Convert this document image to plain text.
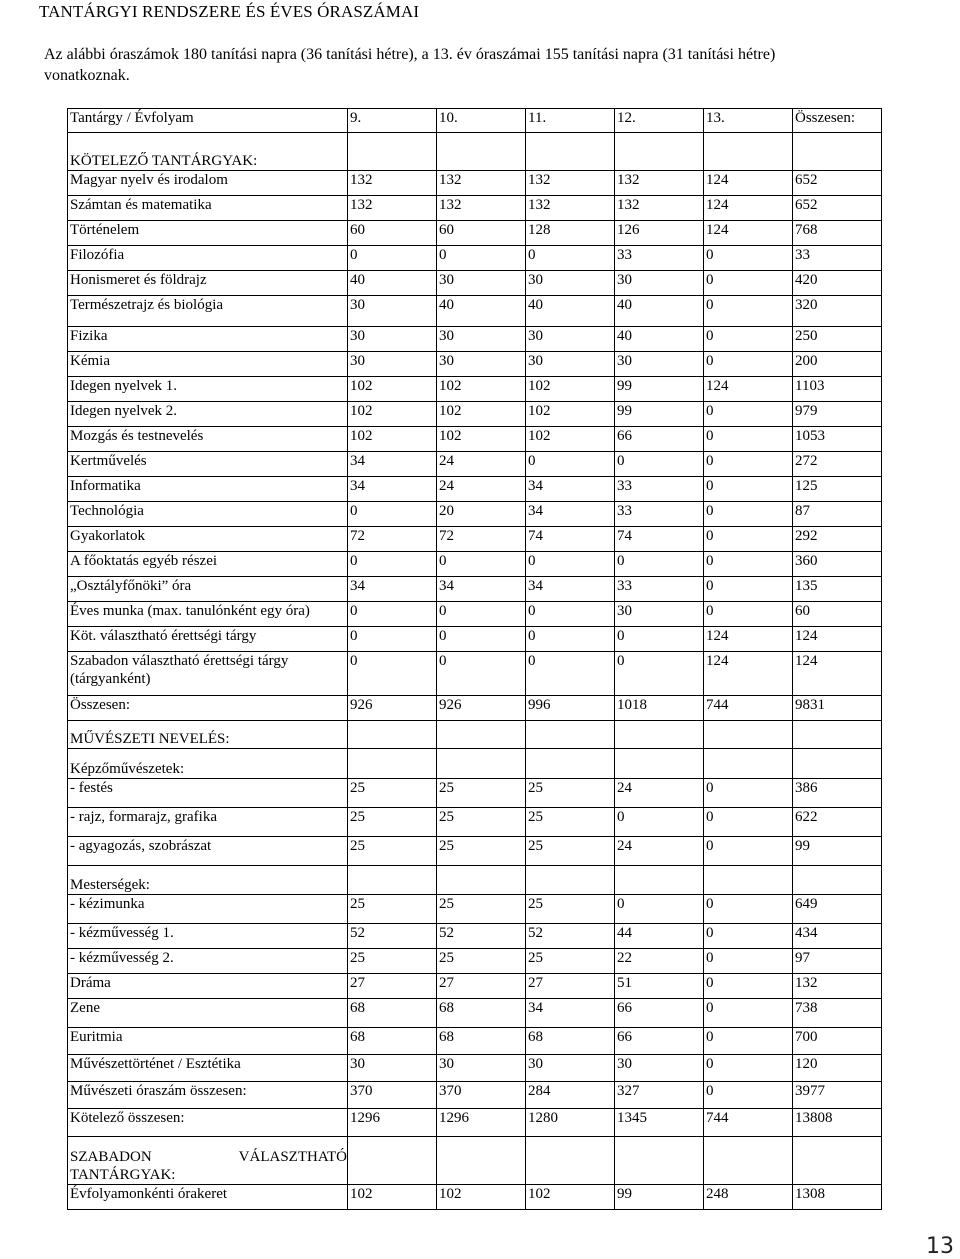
TANTÁRGYI RENDSZERE ÉS ÉVES ÓRASZÁMAI
Az alábbi óraszámok 180 tanítási napra (36 tanítási hétre), a 13. év óraszámai 155 tanítási napra (31 tanítási hétre)
vonatkoznak.
Tantárgy / Évfolyam	9.	10.	11.	12.	13.	Összesen:
KÖTELEZŐ TANTÁRGYAK:						
Magyar nyelv és irodalom	132	132	132	132	124	652
Számtan és matematika	132	132	132	132	124	652
Történelem	60	60	128	126	124	768
Filozófia	0	0	0	33	0	33
Honismeret és földrajz	40	30	30	30	0	420
Természetrajz és biológia	30	40	40	40	0	320
Fizika	30	30	30	40	0	250
Kémia	30	30	30	30	0	200
Idegen nyelvek 1.	102	102	102	99	124	1103
Idegen nyelvek 2.	102	102	102	99	0	979
Mozgás és testnevelés	102	102	102	66	0	1053
Kertművelés	34	24	0	0	0	272
Informatika	34	24	34	33	0	125
Technológia	0	20	34	33	0	87
Gyakorlatok	72	72	74	74	0	292
A főoktatás egyéb részei	0	0	0	0	0	360
„Osztályfőnöki” óra	34	34	34	33	0	135
Éves munka (max. tanulónként egy óra)	0	0	0	30	0	60
Köt. választható érettségi tárgy	0	0	0	0	124	124
Szabadon választható érettségi tárgy (tárgyanként)	0	0	0	0	124	124
Összesen:	926	926	996	1018	744	9831
MŰVÉSZETI NEVELÉS:						
Képzőművészetek:						
- festés	25	25	25	24	0	386
- rajz, formarajz, grafika	25	25	25	0	0	622
- agyagozás, szobrászat	25	25	25	24	0	99
Mesterségek:						
- kézimunka	25	25	25	0	0	649
- kézművesség 1.	52	52	52	44	0	434
- kézművesség 2.	25	25	25	22	0	97
Dráma	27	27	27	51	0	132
Zene	68	68	34	66	0	738
Euritmia	68	68	68	66	0	700
Művészettörténet / Esztétika	30	30	30	30	0	120
Művészeti óraszám összesen:	370	370	284	327	0	3977
Kötelező összesen:	1296	1296	1280	1345	744	13808
SZABADON VÁLASZTHATÓ TANTÁRGYAK:						
Évfolyamonkénti órakeret	102	102	102	99	248	1308
13
